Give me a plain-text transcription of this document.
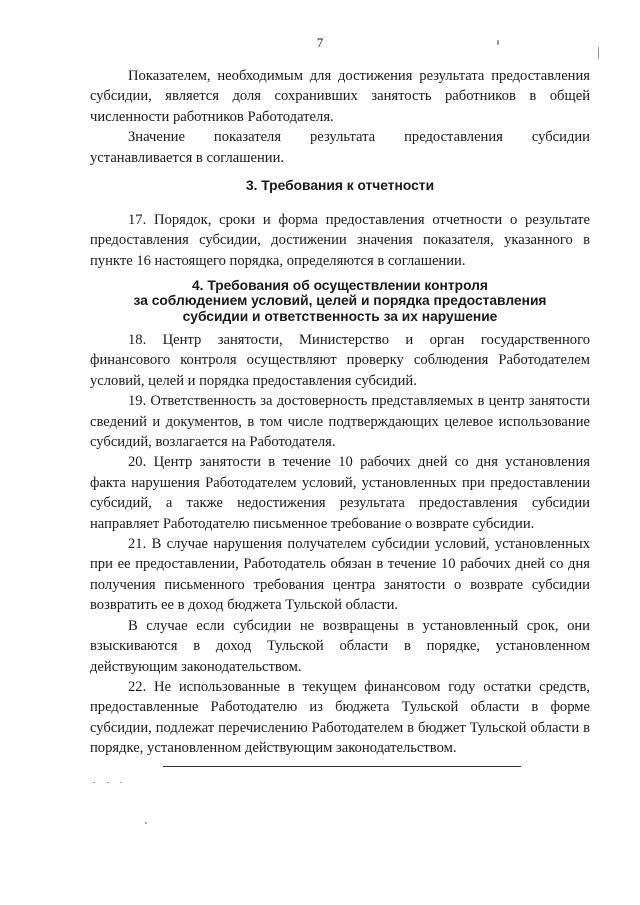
7

Показателем, необходимым для достижения результата предоставления субсидии, является доля сохранивших занятость работников в общей численности работников Работодателя.

Значение показателя результата предоставления субсидии устанавливается в соглашении.

3. Требования к отчетности

17. Порядок, сроки и форма предоставления отчетности о результате предоставления субсидии, достижении значения показателя, указанного в пункте 16 настоящего порядка, определяются в соглашении.

4. Требования об осуществлении контроля
за соблюдением условий, целей и порядка предоставления
субсидии и ответственность за их нарушение

18. Центр занятости, Министерство и орган государственного финансового контроля осуществляют проверку соблюдения Работодателем условий, целей и порядка предоставления субсидий.

19. Ответственность за достоверность представляемых в центр занятости сведений и документов, в том числе подтверждающих целевое использование субсидий, возлагается на Работодателя.

20. Центр занятости в течение 10 рабочих дней со дня установления факта нарушения Работодателем условий, установленных при предоставлении субсидий, а также недостижения результата предоставления субсидии направляет Работодателю письменное требование о возврате субсидии.

21. В случае нарушения получателем субсидии условий, установленных при ее предоставлении, Работодатель обязан в течение 10 рабочих дней со дня получения письменного требования центра занятости о возврате субсидии возвратить ее в доход бюджета Тульской области.

В случае если субсидии не возвращены в установленный срок, они взыскиваются в доход Тульской области в порядке, установленном действующим законодательством.

22. Не использованные в текущем финансовом году остатки средств, предоставленные Работодателю из бюджета Тульской области в форме субсидии, подлежат перечислению Работодателем в бюджет Тульской области в порядке, установленном действующим законодательством.
